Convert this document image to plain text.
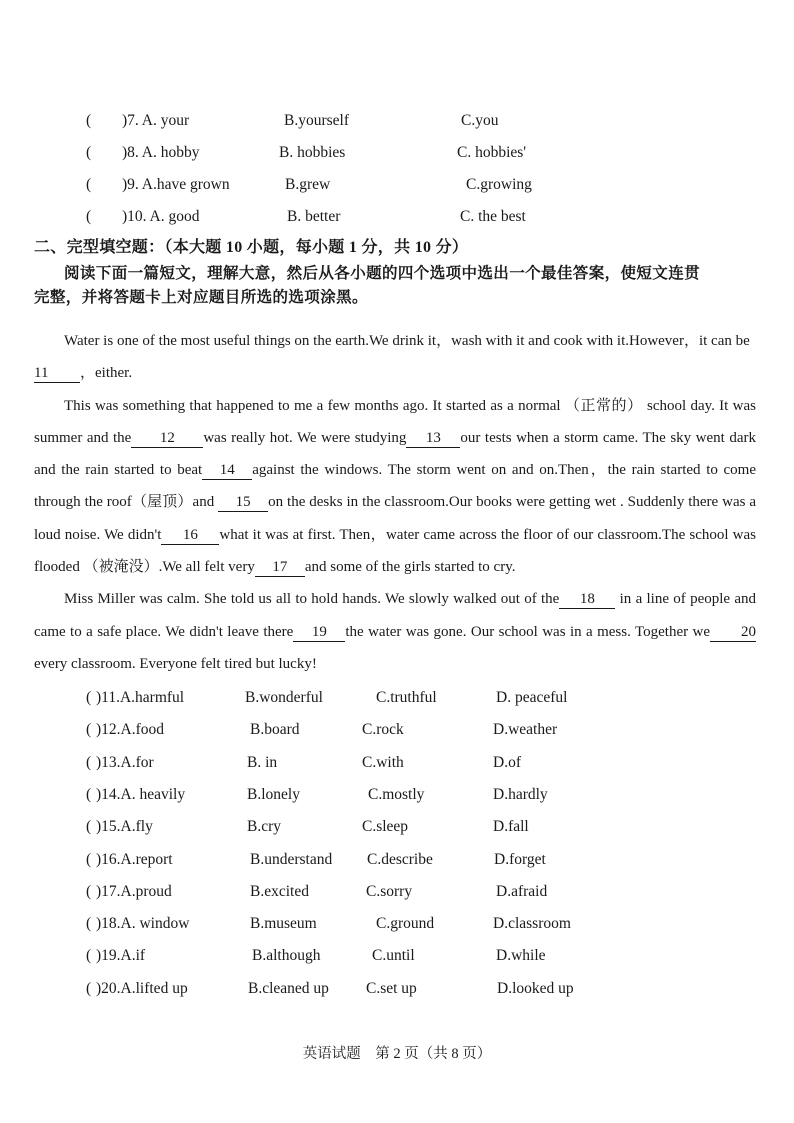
( )7. A. your	B.yourself	C.you
( )8. A. hobby	B. hobbies	C. hobbies'
( )9. A.have grown	B.grew	C.growing
( )10. A. good	B. better	C. the best
二、完型填空题：（本大题 10 小题，每小题 1 分，共 10 分）
阅读下面一篇短文，理解大意，然后从各小题的四个选项中选出一个最佳答案，使短文连贯
完整，并将答题卡上对应题目所选的选项涂黑。

Water is one of the most useful things on the earth.We drink it，wash with it and cook with it.However，it can be
11 ，either.

This was something that happened to me a few months ago. It started as a normal （正常的） school day. It was summer and the 12 was really hot. We were studying 13 our tests when a storm came. The sky went dark and the rain started to beat 14 against the windows. The storm went on and on.Then，the rain started to come through the roof（屋顶）and 15 on the desks in the classroom.Our books were getting wet . Suddenly there was a loud noise. We didn't 16 what it was at first. Then，water came across the floor of our classroom.The school was flooded （被淹没）.We all felt very 17 and some of the girls started to cry.

Miss Miller was calm. She told us all to hold hands. We slowly walked out of the 18 in a line of people and came to a safe place. We didn't leave there 19 the water was gone. Our school was in a mess. Together we 20 every classroom. Everyone felt tired but lucky!

( )11.A.harmful	B.wonderful	C.truthful	D. peaceful
( )12.A.food	B.board	C.rock	D.weather
( )13.A.for	B. in	C.with	D.of
( )14.A. heavily	B.lonely	C.mostly	D.hardly
( )15.A.fly	B.cry	C.sleep	D.fall
( )16.A.report	B.understand C.describe	D.forget
( )17.A.proud	B.excited	C.sorry	D.afraid
( )18.A. window	B.museum	C.ground	D.classroom
( )19.A.if	B.although	C.until	D.while
( )20.A.lifted up	B.cleaned up C.set up	D.looked up
英语试题　第 2 页（共 8 页）
